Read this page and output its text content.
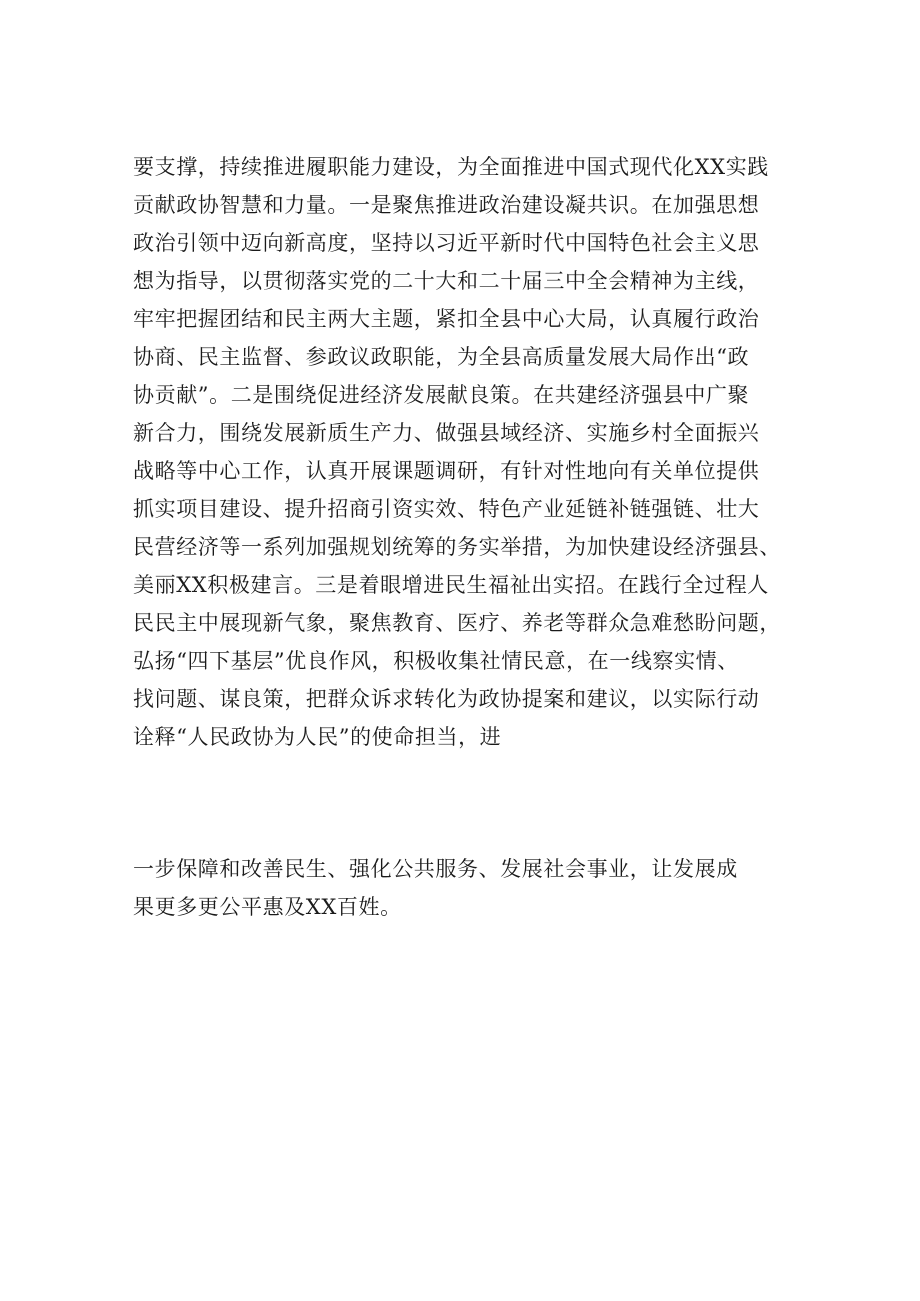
要支撑，持续推进履职能力建设，为全面推进中国式现代化XX实践
贡献政协智慧和力量。一是聚焦推进政治建设凝共识。在加强思想
政治引领中迈向新高度，坚持以习近平新时代中国特色社会主义思
想为指导，以贯彻落实党的二十大和二十届三中全会精神为主线，
牢牢把握团结和民主两大主题，紧扣全县中心大局，认真履行政治
协商、民主监督、参政议政职能，为全县高质量发展大局作出“政
协贡献”。二是围绕促进经济发展献良策。在共建经济强县中广聚
新合力，围绕发展新质生产力、做强县域经济、实施乡村全面振兴
战略等中心工作，认真开展课题调研，有针对性地向有关单位提供
抓实项目建设、提升招商引资实效、特色产业延链补链强链、壮大
民营经济等一系列加强规划统筹的务实举措，为加快建设经济强县、
美丽XX积极建言。三是着眼增进民生福祉出实招。在践行全过程人
民民主中展现新气象，聚焦教育、医疗、养老等群众急难愁盼问题，
弘扬“四下基层”优良作风，积极收集社情民意，在一线察实情、
找问题、谋良策，把群众诉求转化为政协提案和建议，以实际行动
诠释“人民政协为人民”的使命担当，进
一步保障和改善民生、强化公共服务、发展社会事业，让发展成
果更多更公平惠及XX百姓。
